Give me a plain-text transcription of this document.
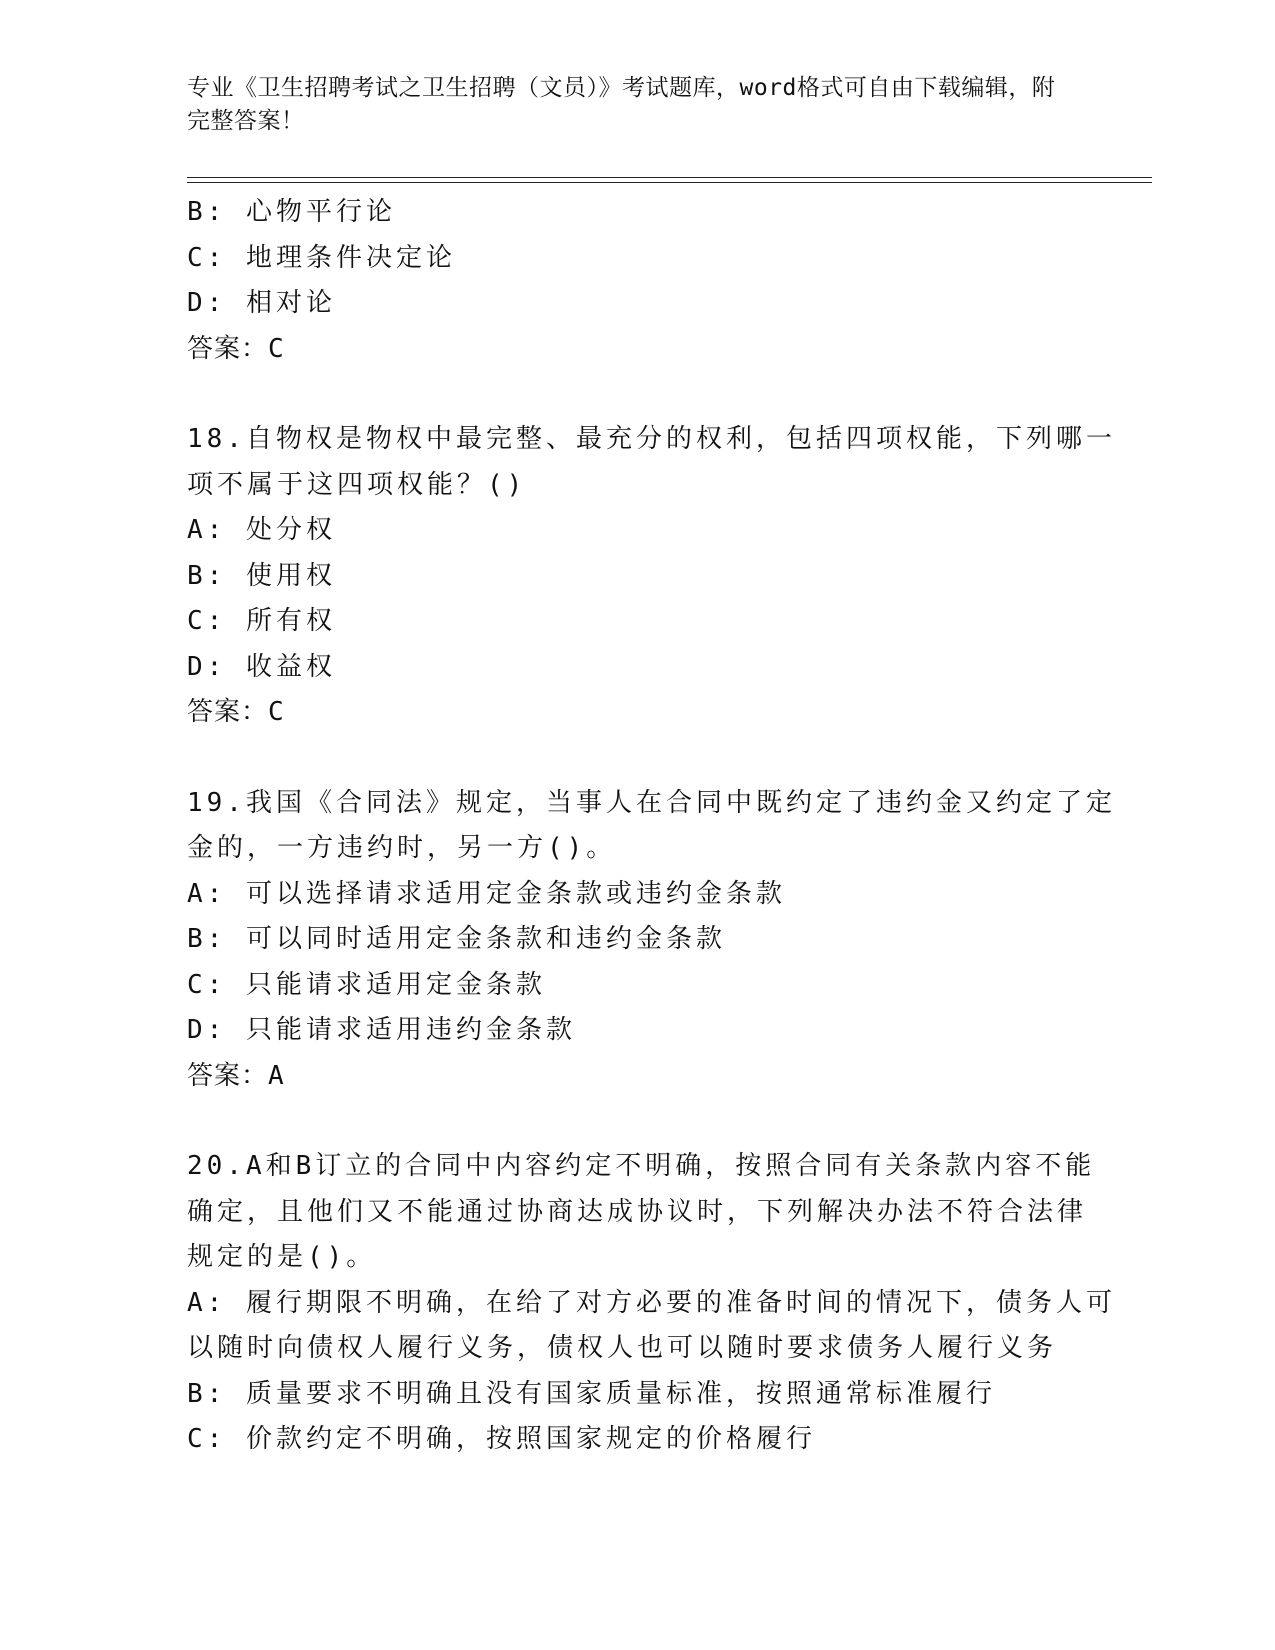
专业《卫生招聘考试之卫生招聘（文员）》考试题库，word格式可自由下载编辑，附完整答案！
B: 心物平行论
C: 地理条件决定论
D: 相对论
答案：C
18.自物权是物权中最完整、最充分的权利，包括四项权能，下列哪一
项不属于这四项权能？()
A: 处分权
B: 使用权
C: 所有权
D: 收益权
答案：C
19.我国《合同法》规定，当事人在合同中既约定了违约金又约定了定
金的，一方违约时，另一方()。
A: 可以选择请求适用定金条款或违约金条款
B: 可以同时适用定金条款和违约金条款
C: 只能请求适用定金条款
D: 只能请求适用违约金条款
答案：A
20.A和B订立的合同中内容约定不明确，按照合同有关条款内容不能
确定，且他们又不能通过协商达成协议时，下列解决办法不符合法律
规定的是()。
A: 履行期限不明确，在给了对方必要的准备时间的情况下，债务人可
以随时向债权人履行义务，债权人也可以随时要求债务人履行义务
B: 质量要求不明确且没有国家质量标准，按照通常标准履行
C: 价款约定不明确，按照国家规定的价格履行
